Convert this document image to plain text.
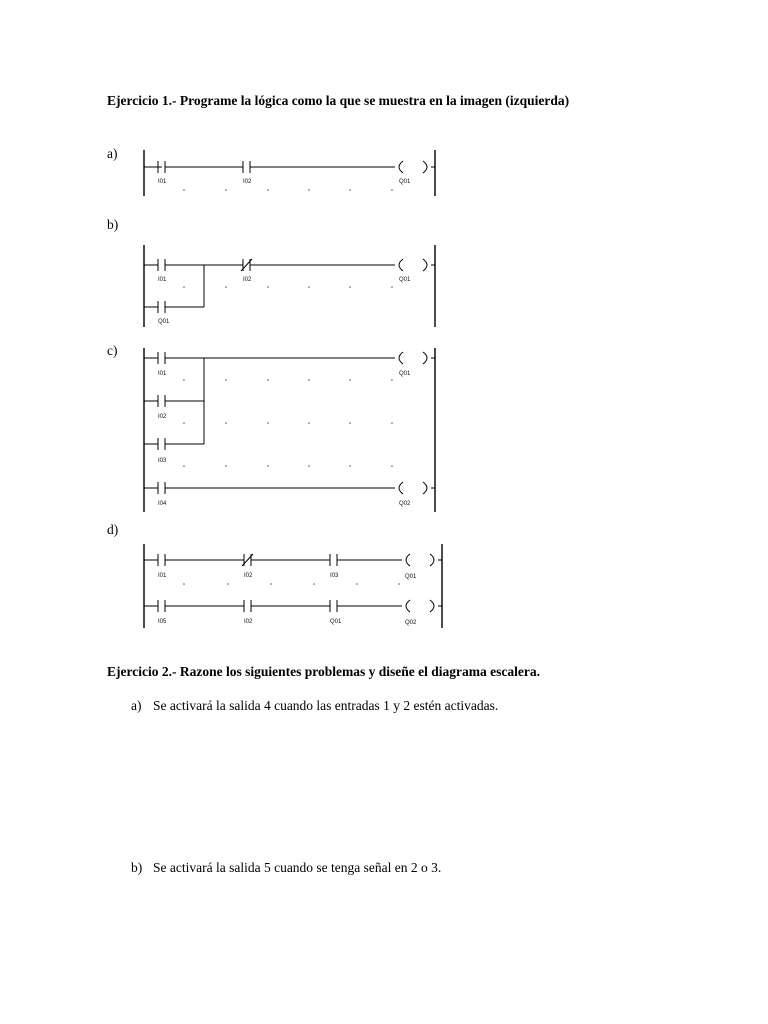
Ejercicio 1.- Programe la lógica como la que se muestra en la imagen (izquierda)
a)
I01	I02	Q01
b)
I01	I02	Q01
Q01
c)
I01	Q01
I02
I03
I04	Q02
d)
I01	I02	I03	Q01
I05	I02	Q01	Q02
Ejercicio 2.- Razone los siguientes problemas y diseñe el diagrama escalera.
a) Se activará la salida 4 cuando las entradas 1 y 2 estén activadas.
b) Se activará la salida 5 cuando se tenga señal en 2 o 3.
